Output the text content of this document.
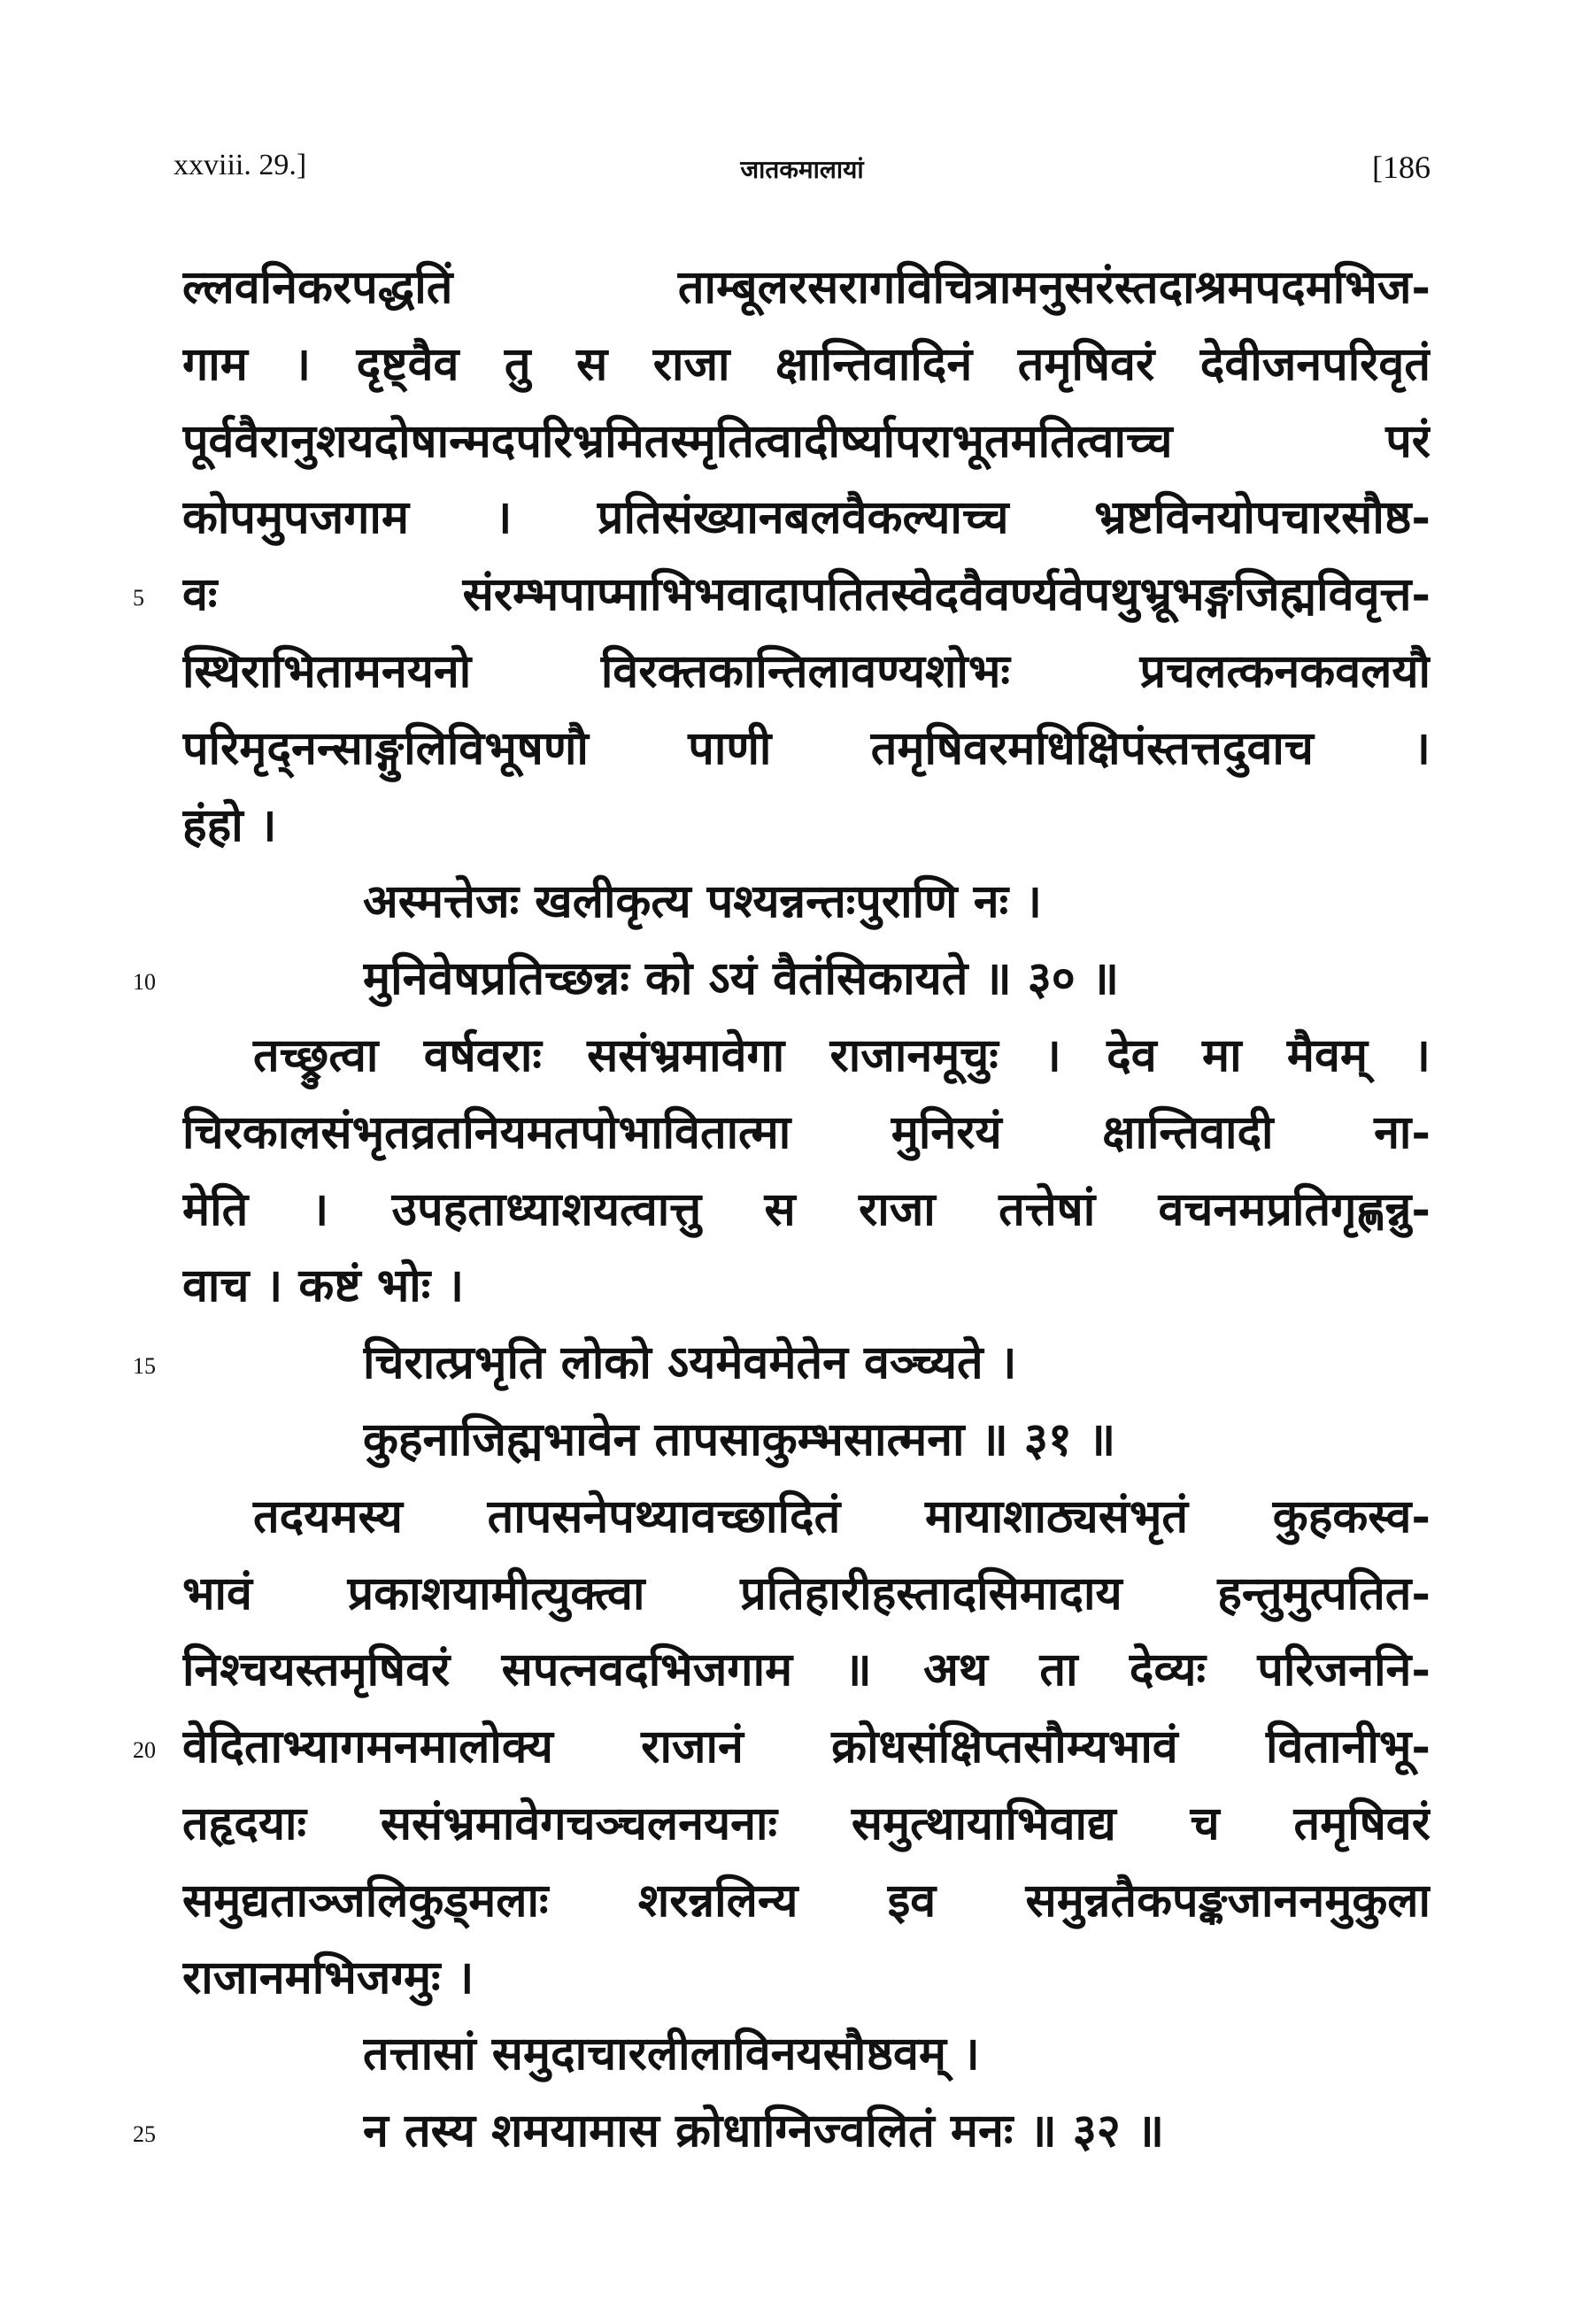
xxviii. 29.]	जातकमालायां	[186
ल्लवनिकरपद्धतिं ताम्बूलरसरागविचित्रामनुसरंस्तदाश्रमपदमभिज-
गाम । दृष्ट्वैव तु स राजा क्षान्तिवादिनं तमृषिवरं देवीजनपरिवृतं
पूर्ववैरानुशयदोषान्मदपरिभ्रमितस्मृतित्वादीर्ष्यापराभूतमतित्वाच्च परं
कोपमुपजगाम । प्रतिसंख्यानबलवैकल्याच्च भ्रष्टविनयोपचारसौष्ठ-
वः संरम्भपाप्माभिभवादापतितस्वेदवैवर्ण्यवेपथुभ्रूभङ्गजिह्मविवृत्त-
5
स्थिराभितामनयनो विरक्तकान्तिलावण्यशोभः प्रचलत्कनकवलयौ
परिमृद्नन्साङ्गुलिविभूषणौ पाणी तमृषिवरमधिक्षिपंस्तत्तदुवाच ।
हंहो ।
अस्मत्तेजः खलीकृत्य पश्यन्नन्तःपुराणि नः ।
मुनिवेषप्रतिच्छन्नः को ऽयं वैतंसिकायते ॥ ३० ॥
10
तच्छ्रुत्वा वर्षवराः ससंभ्रमावेगा राजानमूचुः । देव मा मैवम् ।
चिरकालसंभृतव्रतनियमतपोभावितात्मा मुनिरयं क्षान्तिवादी ना-
मेति । उपहताध्याशयत्वात्तु स राजा तत्तेषां वचनमप्रतिगृह्णन्नु-
वाच । कष्टं भोः ।
चिरात्प्रभृति लोको ऽयमेवमेतेन वञ्च्यते ।
15
कुहनाजिह्मभावेन तापसाकुम्भसात्मना ॥ ३१ ॥
तदयमस्य तापसनेपथ्यावच्छादितं मायाशाठ्यसंभृतं कुहकस्व-
भावं प्रकाशयामीत्युक्त्वा प्रतिहारीहस्तादसिमादाय हन्तुमुत्पतित-
निश्चयस्तमृषिवरं सपत्नवदभिजगाम ॥ अथ ता देव्यः परिजननि-
वेदिताभ्यागमनमालोक्य राजानं क्रोधसंक्षिप्तसौम्यभावं वितानीभू-
20
तहृदयाः ससंभ्रमावेगचञ्चलनयनाः समुत्थायाभिवाद्य च तमृषिवरं
समुद्यताञ्जलिकुड्मलाः शरन्नलिन्य इव समुन्नतैकपङ्कजाननमुकुला
राजानमभिजग्मुः ।
तत्तासां समुदाचारलीलाविनयसौष्ठवम् ।
न तस्य शमयामास क्रोधाग्निज्वलितं मनः ॥ ३२ ॥
25
